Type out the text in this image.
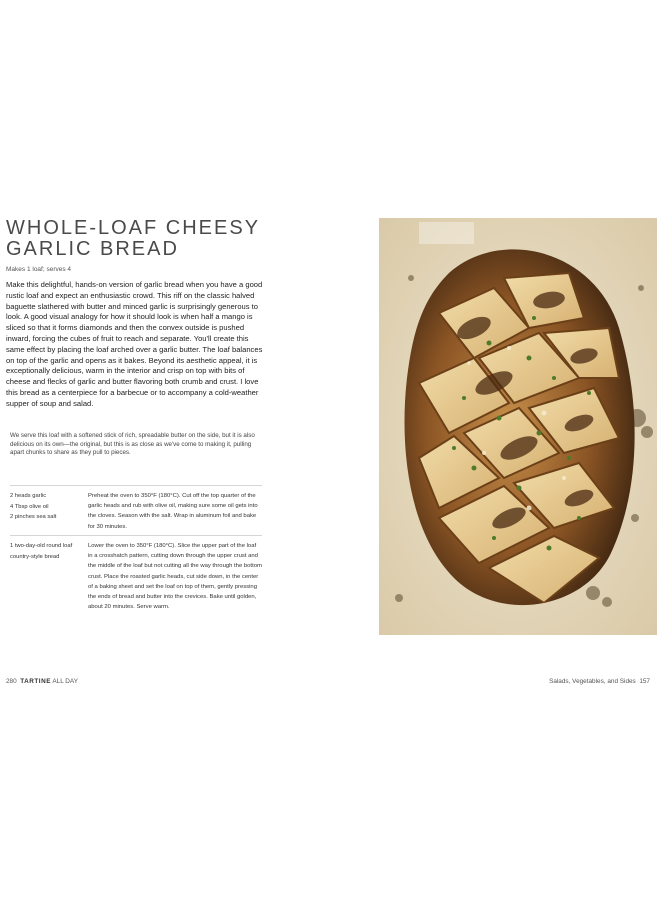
WHOLE-LOAF CHEESY
GARLIC BREAD
Makes 1 loaf; serves 4

Make this delightful, hands-on version of garlic bread when you have a good rustic loaf and expect an enthusiastic crowd. This riff on the classic halved baguette slathered with butter and minced garlic is surprisingly generous to look. A good visual analogy for how it should look is when half a mango is sliced so that it forms diamonds and then the convex outside is pushed inward, forcing the cubes of fruit to reach and separate. You'll create this same effect by placing the loaf arched over a garlic butter. The loaf balances on top of the garlic and opens as it bakes. Beyond its aesthetic appeal, it is exceptionally delicious, warm in the interior and crisp on top with bits of cheese and flecks of garlic and butter flavoring both crumb and crust. I love this bread as a centerpiece for a barbecue or to accompany a cold-weather supper of soup and salad.

We serve this loaf with a softened stick of rich, spreadable butter on the side, but it is also delicious on its own—the original, but this is as close as we've come to making it, pulling apart chunks to share as they pull to pieces.

2 heads garlic
4 Tbsp olive oil
2 pinches sea salt

Preheat the oven to 350°F (180°C). Cut off the top quarter of the garlic heads and rub with olive oil, making sure some oil gets into the cloves. Season with the salt. Wrap in aluminum foil and bake for 30 minutes.

1 two-day-old round loaf
country-style bread

Lower the oven to 350°F (180°C). Slice the upper part of the loaf in a crosshatch pattern, cutting down through the upper crust and the middle of the loaf but not cutting all the way through the bottom crust. Place the roasted garlic heads, cut side down, in the center of a baking sheet and set the loaf on top of them, gently pressing the ends of bread and butter into the crevices. Bake until golden, about 20 minutes. Serve warm.

280 TARTINE ALL DAY	Salads, Vegetables, and Sides 157
